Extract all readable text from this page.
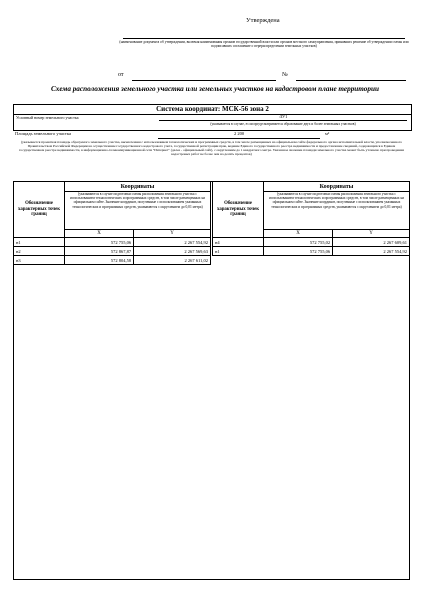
Утверждена
(наименование документа об утверждении, включая наименования органов государственной власти или органов местного самоуправления, принявших решение об утверждении схемы или подписавших соглашение о перераспределении земельных участков)
от	№
Схема расположения земельного участка или земельных участков на кадастровом плане территории
Система координат: МСК-56 зона 2
Условный номер земельного участка	:ЗУ1
(указывается в случае, если предусматривается образование двух и более земельных участков)
Площадь земельного участка	2 200	м²
(указывается проектная площадь образуемого земельного участка, вычисленная с использованием технологических и программных средств, в том числе размещенных на официальном сайте федерального органа исполнительной власти, уполномоченного Правительством Российской Федерации на осуществление государственного кадастрового учета, государственной регистрации прав, ведение Единого государственного реестра недвижимости и предоставление сведений, содержащихся в Едином государственном реестре недвижимости, в информационно-телекоммуникационной сети "Интернет" (далее - официальный сайт), с округлением до 1 квадратного метра. Указанное значение площади земельного участка может быть уточнено при проведении кадастровых работ не более чем на десять процентов)
Обозначение характерных точек границ	Координаты	
	(указываются в случае подготовки схемы расположения земельного участка с использованием технологических и программных средств, в том числе размещенных на официальном сайте. Значение координат, полученные с использованием указанных технологических и программных средств, указываются с округлением до 0,01 метра)	
	X	Y
н1	572 755,06	2 267 554,92
н2	572 867,87	2 267 569,63
н3	572 804,58	2 267 611,02
Обозначение характерных точек границ	Координаты	
	(указываются в случае подготовки схемы расположения земельного участка с использованием технологических и программных средств, в том числе размещенных на официальном сайте. Значение координат, полученные с использованием указанных технологических и программных средств, указываются с округлением до 0,01 метра)	
	X	Y
н4	572 755,02	2 267 609,61
н1	572 755,06	2 267 554,92
